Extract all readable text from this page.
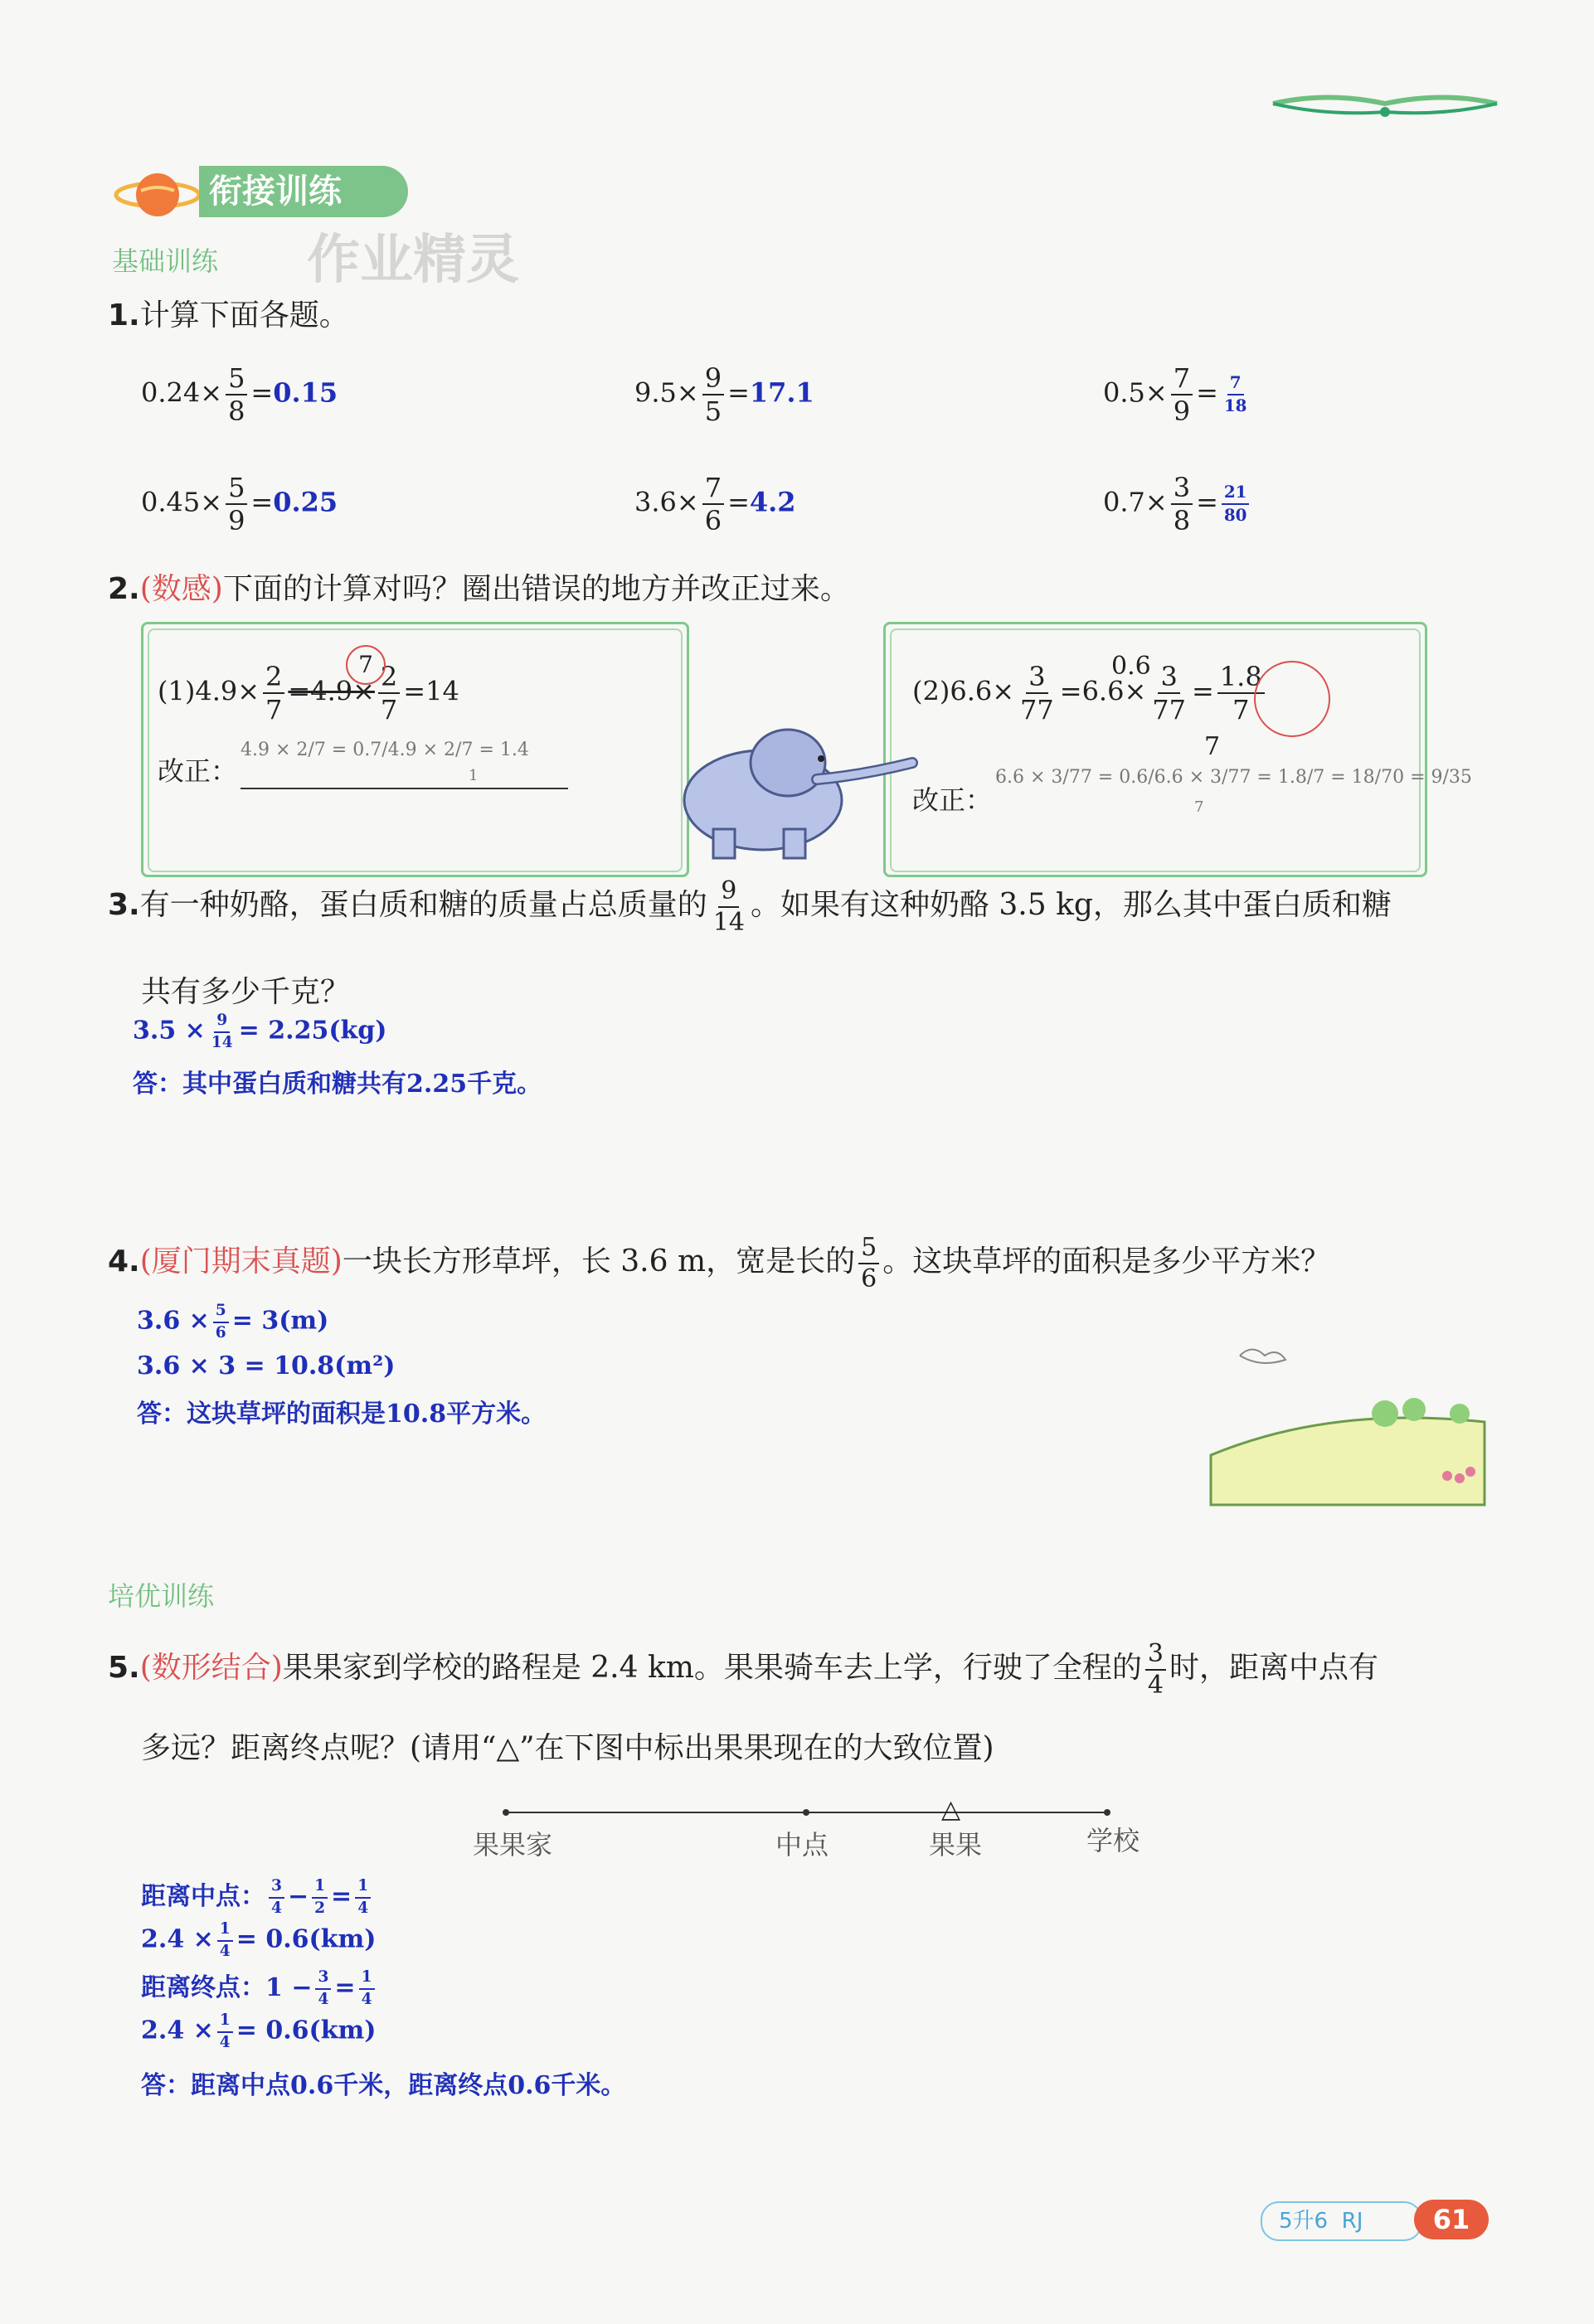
衔接训练
基础训练 作业精灵
1.计算下面各题。
$0.24\times \frac{5}{8} =0.15$	$9.5\times \frac{9}{5} =17.1$	$0.5\times \frac{7}{9} = \frac{7}{18}$
$0.45\times \frac{5}{9} =0.25$	$3.6\times \frac{7}{6} =4.2$	$0.7\times \frac{3}{8} = \frac{21}{80}$
2.(数感)下面的计算对吗？圈出错误的地方并改正过来。
$(1)4.9\times \frac{2}{7} =4.9\times \frac{2}{7} =14$
7
改正：
4.9 × 2/7 = 0.7/4.9 × 2/7 = 1.4
1
$(2)6.6\times \frac{3}{77} =6.6\times \frac{3}{77} = \frac{1.8}{7}$
0.6
7
改正：
6.6 × 3/77 = 0.6/6.6 × 3/77 = 1.8/7 = 18/70 = 9/35
7
3.有一种奶酪，蛋白质和糖的质量占总质量的 $\frac{9}{14}$ 。如果有这种奶酪 3.5 kg，那么其中蛋白质和糖
共有多少千克？
$3.5 \times \frac{9}{14} = 2.25(kg)$
答：其中蛋白质和糖共有2.25千克。
4.(厦门期末真题)一块长方形草坪，长 3.6 m，宽是长的 $\frac{5}{6}$ 。这块草坪的面积是多少平方米？
$3.6 \times \frac{5}{6} = 3(m)$
3.6 × 3 = 10.8(m²)
答：这块草坪的面积是10.8平方米。
培优训练
5.(数形结合)果果家到学校的路程是 2.4 km。果果骑车去上学，行驶了全程的 $\frac{3}{4}$ 时，距离中点有
多远？距离终点呢？(请用“△”在下图中标出果果现在的大致位置)
△
果果家	中点	果果	学校
距离中点： $\frac{3}{4} - \frac{1}{2} = \frac{1}{4}$
$2.4 \times \frac{1}{4} = 0.6(km)$
距离终点：$1 - \frac{3}{4} = \frac{1}{4}$
$2.4 \times \frac{1}{4} = 0.6(km)$
答：距离中点0.6千米，距离终点0.6千米。
5升6 RJ	61
